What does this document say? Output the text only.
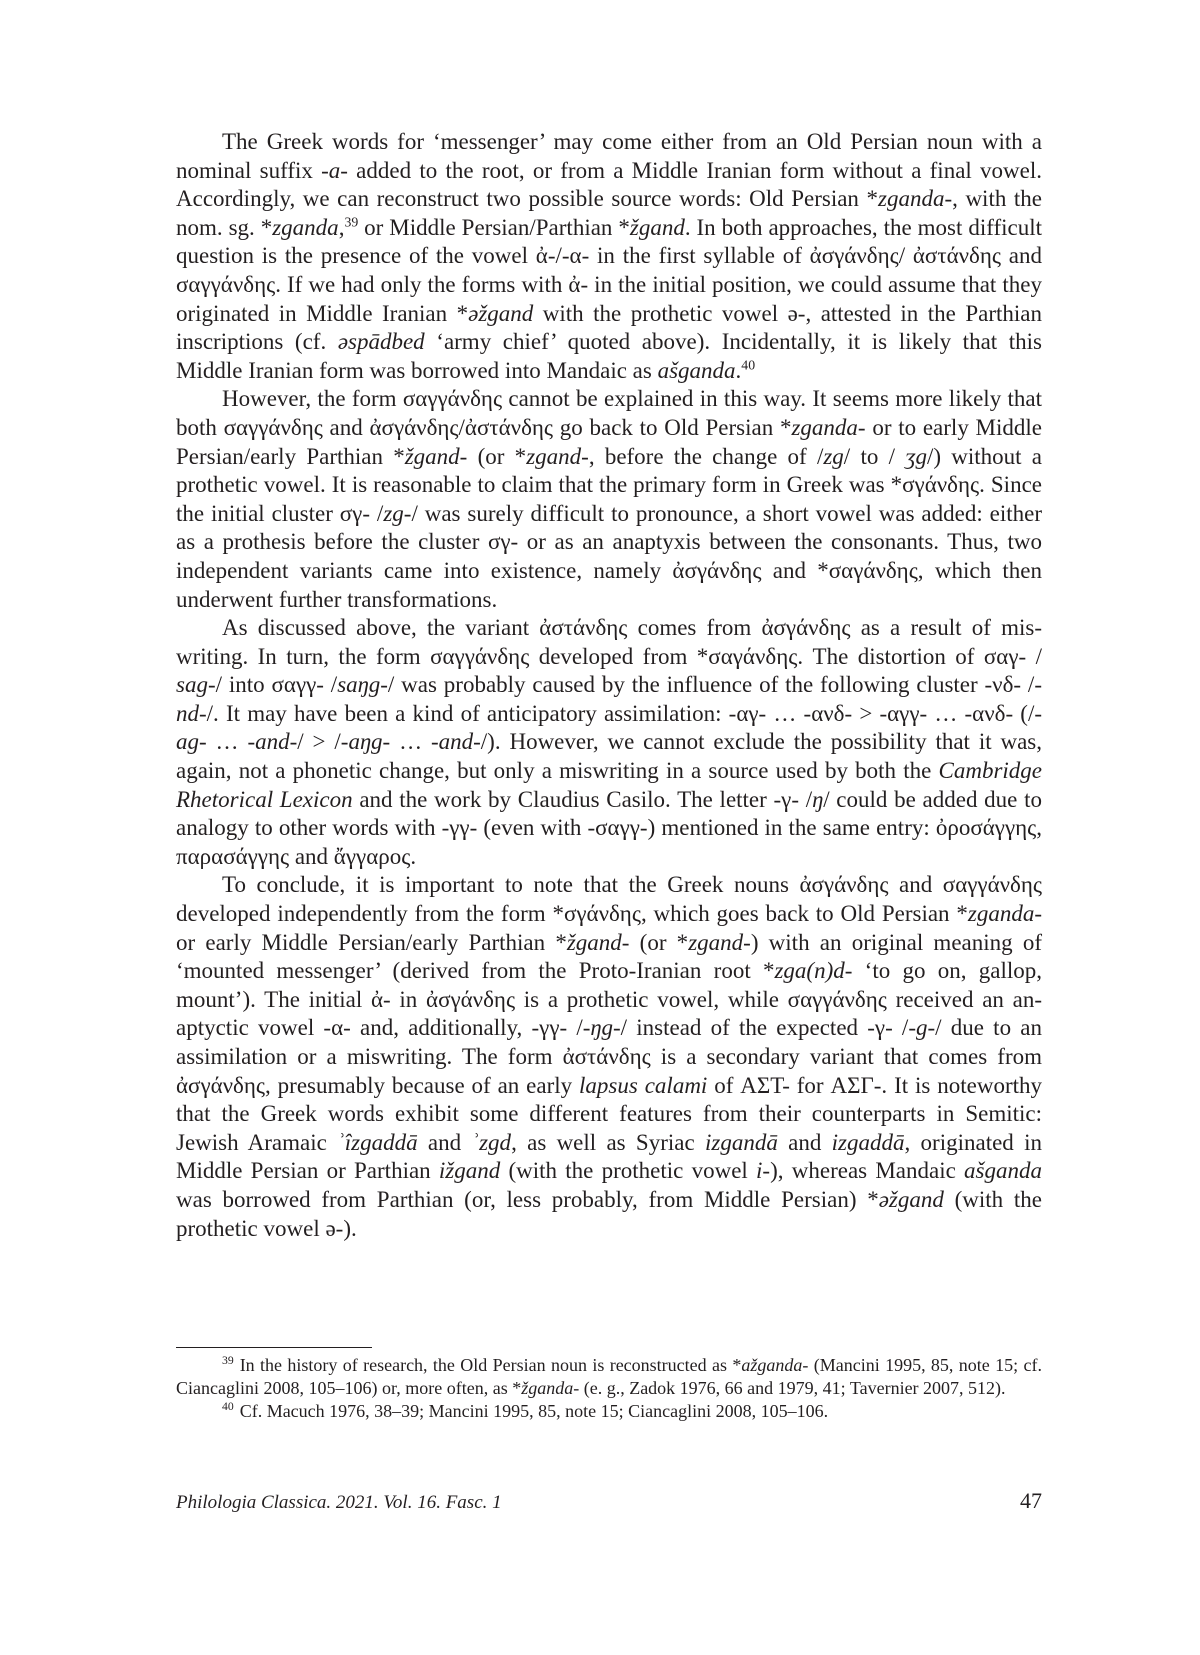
The Greek words for ‘messenger’ may come either from an Old Persian noun with a nominal suffix -a- added to the root, or from a Middle Iranian form without a final vowel. Accordingly, we can reconstruct two possible source words: Old Persian *zganda-, with the nom. sg. *zganda,$^{39}$ or Middle Persian/Parthian *žgand. In both approaches, the most difficult question is the presence of the vowel ἀ-/-α- in the first syllable of ἀσγάνδης/ ἀστάνδης and σαγγάνδης. If we had only the forms with ἀ- in the initial position, we could assume that they originated in Middle Iranian *əžgand with the prothetic vowel ə-, attested in the Parthian inscriptions (cf. əspādbed ‘army chief’ quoted above). Incidentally, it is likely that this Middle Iranian form was borrowed into Mandaic as ašganda.$^{40}$

However, the form σαγγάνδης cannot be explained in this way. It seems more likely that both σαγγάνδης and ἀσγάνδης/ἀστάνδης go back to Old Persian *zganda- or to early Middle Persian/early Parthian *žgand- (or *zgand-, before the change of /zg/ to / ʒg/) without a prothetic vowel. It is reasonable to claim that the primary form in Greek was *σγάνδης. Since the initial cluster σγ- /zg-/ was surely difficult to pronounce, a short vowel was added: either as a prothesis before the cluster σγ- or as an anaptyxis between the consonants. Thus, two independent variants came into existence, namely ἀσγάνδης and *σαγάνδης, which then underwent further transformations.

As discussed above, the variant ἀστάνδης comes from ἀσγάνδης as a result of miswriting. In turn, the form σαγγάνδης developed from *σαγάνδης. The distortion of σαγ- / sag-/ into σαγγ- /saŋg-/ was probably caused by the influence of the following cluster -νδ- /-nd-/. It may have been a kind of anticipatory assimilation: -αγ- … -ανδ- > -αγγ- … -ανδ- (/-ag- … -and-/ > /-aŋg- … -and-/). However, we cannot exclude the possibility that it was, again, not a phonetic change, but only a miswriting in a source used by both the Cambridge Rhetorical Lexicon and the work by Claudius Casilo. The letter -γ- /ŋ/ could be added due to analogy to other words with -γγ- (even with -σαγγ-) mentioned in the same entry: ὀροσάγγης, παρασάγγης and ἄγγαρος.

To conclude, it is important to note that the Greek nouns ἀσγάνδης and σαγγάνδης developed independently from the form *σγάνδης, which goes back to Old Persian *zganda- or early Middle Persian/early Parthian *žgand- (or *zgand-) with an original meaning of ‘mounted messenger’ (derived from the Proto-Iranian root *zga(n)d- ‘to go on, gallop, mount’). The initial ἀ- in ἀσγάνδης is a prothetic vowel, while σαγγάνδης received an anaptyctic vowel -α- and, additionally, -γγ- /-ŋg-/ instead of the expected -γ- /-g-/ due to an assimilation or a miswriting. The form ἀστάνδης is a secondary variant that comes from ἀσγάνδης, presumably because of an early lapsus calami of ΑΣΤ- for ΑΣΓ-. It is noteworthy that the Greek words exhibit some different features from their counterparts in Semitic: Jewish Aramaic ʾîzgaddā and ʾzgd, as well as Syriac izgandā and izgaddā, originated in Middle Persian or Parthian ižgand (with the prothetic vowel i-), whereas Mandaic ašganda was borrowed from Parthian (or, less probably, from Middle Persian) *əžgand (with the prothetic vowel ə-).

$^{39}$ In the history of research, the Old Persian noun is reconstructed as *ažganda- (Mancini 1995, 85, note 15; cf. Ciancaglini 2008, 105–106) or, more often, as *žganda- (e. g., Zadok 1976, 66 and 1979, 41; Tavernier 2007, 512).

$^{40}$ Cf. Macuch 1976, 38–39; Mancini 1995, 85, note 15; Ciancaglini 2008, 105–106.

Philologia Classica. 2021. Vol. 16. Fasc. 1	47
